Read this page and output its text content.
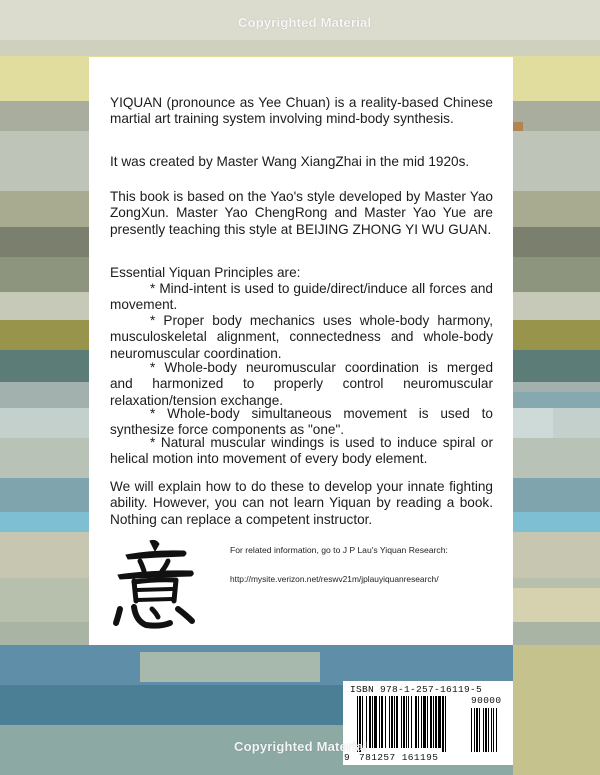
Copyrighted Material

YIQUAN (pronounce as Yee Chuan) is a reality-based Chinese martial art training system involving mind-body synthesis.

It was created by Master Wang XiangZhai in the mid 1920s.

This book is based on the Yao's style developed by Master Yao ZongXun. Master Yao ChengRong and Master Yao Yue are presently teaching this style at BEIJING ZHONG YI WU GUAN.

Essential Yiquan Principles are:

* Mind-intent is used to guide/direct/induce all forces and movement.

* Proper body mechanics uses whole-body harmony, musculoskeletal alignment, connectedness and whole-body neuromuscular coordination.

* Whole-body neuromuscular coordination is merged and harmonized to properly control neuromuscular relaxation/tension exchange.

* Whole-body simultaneous movement is used to synthesize force components as "one".

* Natural muscular windings is used to induce spiral or helical motion into movement of every body element.

We will explain how to do these to develop your innate fighting ability. However, you can not learn Yiquan by reading a book. Nothing can replace a competent instructor.

For related information, go to J P Lau's Yiquan Research:
http://mysite.verizon.net/reswv21m/jplauyiquanresearch/
ISBN 978-1-257-16119-5
90000
9 781257 161195
Copyrighted Material
